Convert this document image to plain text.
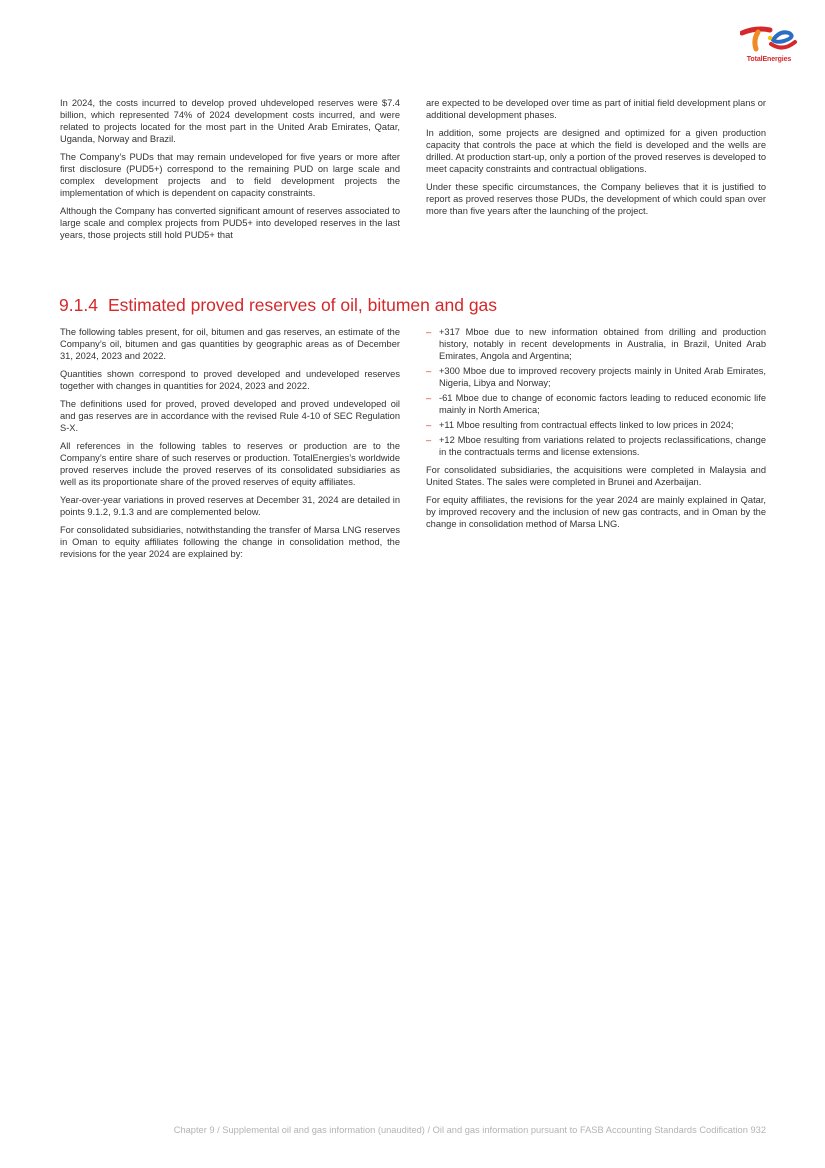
TotalEnergies

In 2024, the costs incurred to develop proved uhdeveloped reserves were $7.4 billion, which represented 74% of 2024 development costs incurred, and were related to projects located for the most part in the United Arab Emirates, Qatar, Uganda, Norway and Brazil.

The Company’s PUDs that may remain undeveloped for five years or more after first disclosure (PUD5+) correspond to the remaining PUD on large scale and complex development projects and to field development projects the implementation of which is dependent on capacity constraints.

Although the Company has converted significant amount of reserves associated to large scale and complex projects from PUD5+ into developed reserves in the last years, those projects still hold PUD5+ that

are expected to be developed over time as part of initial field development plans or additional development phases.

In addition, some projects are designed and optimized for a given production capacity that controls the pace at which the field is developed and the wells are drilled. At production start-up, only a portion of the proved reserves is developed to meet capacity constraints and contractual obligations.

Under these specific circumstances, the Company believes that it is justified to report as proved reserves those PUDs, the development of which could span over more than five years after the launching of the project.

9.1.4 Estimated proved reserves of oil, bitumen and gas

The following tables present, for oil, bitumen and gas reserves, an estimate of the Company’s oil, bitumen and gas quantities by geographic areas as of December 31, 2024, 2023 and 2022.

Quantities shown correspond to proved developed and undeveloped reserves together with changes in quantities for 2024, 2023 and 2022.

The definitions used for proved, proved developed and proved undeveloped oil and gas reserves are in accordance with the revised Rule 4-10 of SEC Regulation S-X.

All references in the following tables to reserves or production are to the Company’s entire share of such reserves or production. TotalEnergies’s worldwide proved reserves include the proved reserves of its consolidated subsidiaries as well as its proportionate share of the proved reserves of equity affiliates.

Year-over-year variations in proved reserves at December 31, 2024 are detailed in points 9.1.2, 9.1.3 and are complemented below.

For consolidated subsidiaries, notwithstanding the transfer of Marsa LNG reserves in Oman to equity affiliates following the change in consolidation method, the revisions for the year 2024 are explained by:

– +317 Mboe due to new information obtained from drilling and production history, notably in recent developments in Australia, in Brazil, United Arab Emirates, Angola and Argentina;
– +300 Mboe due to improved recovery projects mainly in United Arab Emirates, Nigeria, Libya and Norway;
– -61 Mboe due to change of economic factors leading to reduced economic life mainly in North America;
– +11 Mboe resulting from contractual effects linked to low prices in 2024;
– +12 Mboe resulting from variations related to projects reclassifications, change in the contractuals terms and license extensions.

For consolidated subsidiaries, the acquisitions were completed in Malaysia and United States. The sales were completed in Brunei and Azerbaijan.

For equity affiliates, the revisions for the year 2024 are mainly explained in Qatar, by improved recovery and the inclusion of new gas contracts, and in Oman by the change in consolidation method of Marsa LNG.

Chapter 9 / Supplemental oil and gas information (unaudited) / Oil and gas information pursuant to FASB Accounting Standards Codification 932
